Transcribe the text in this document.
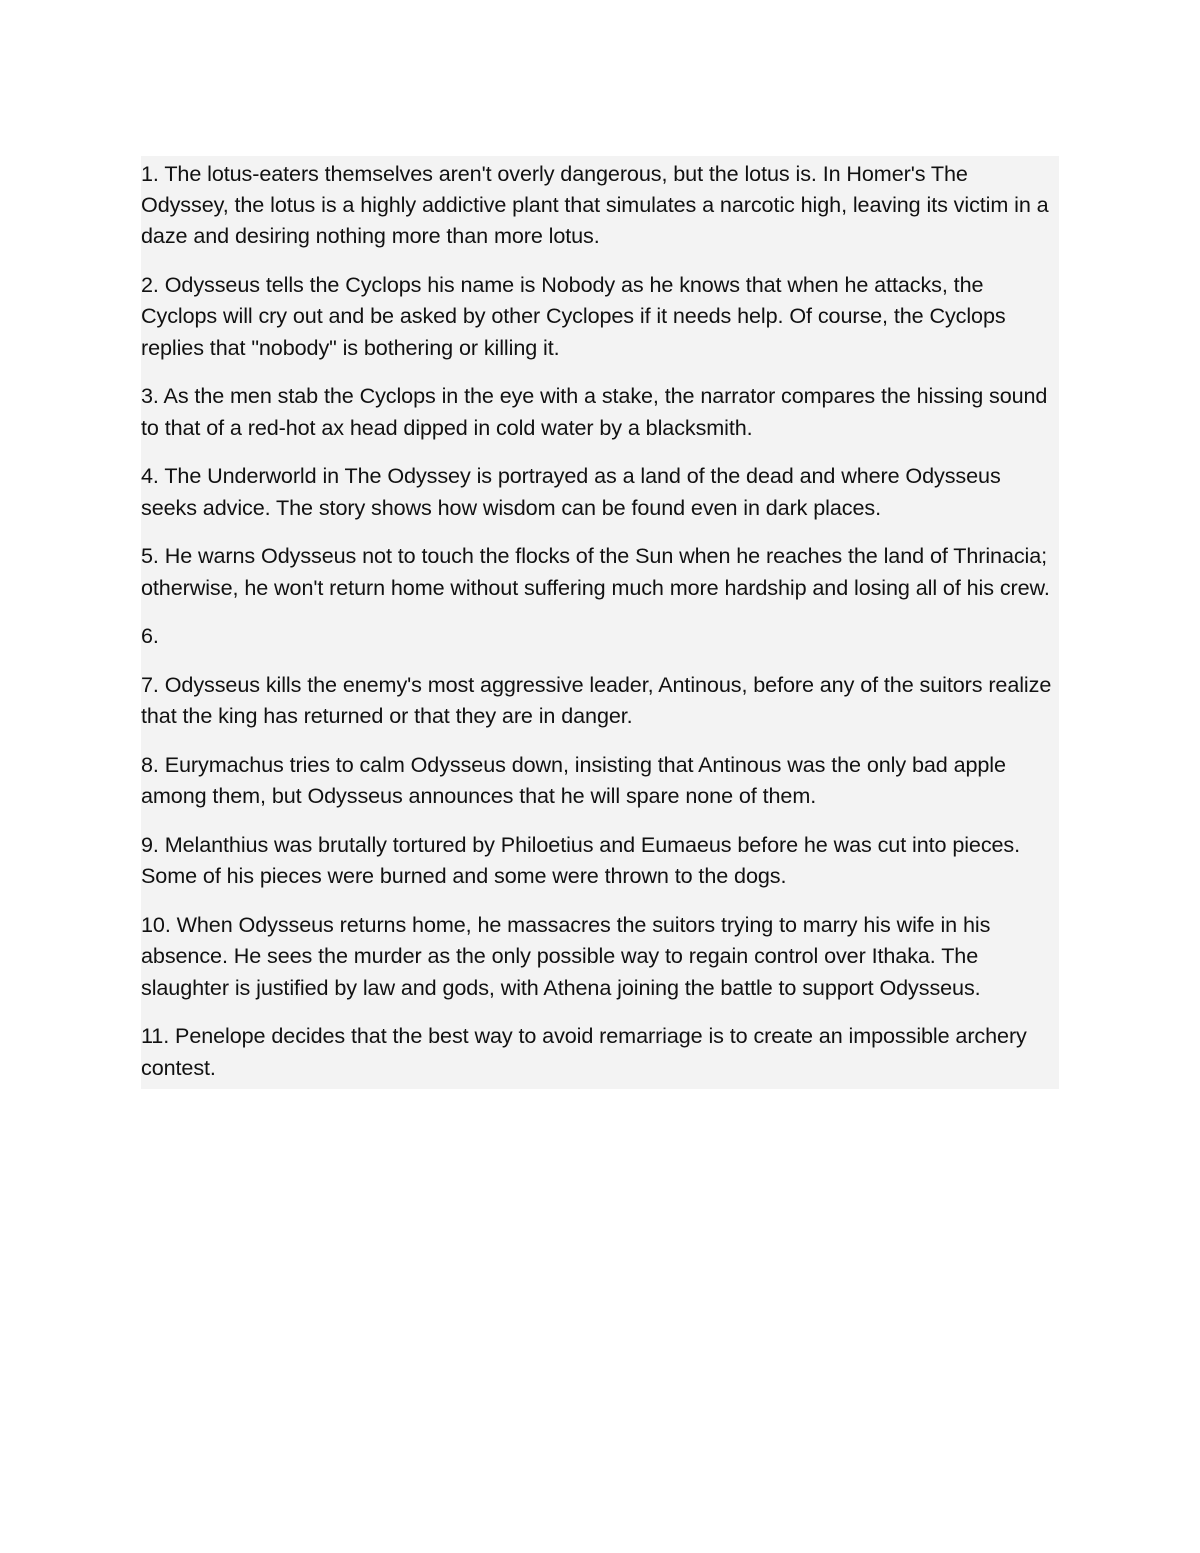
1. The lotus-eaters themselves aren't overly dangerous, but the lotus is. In Homer's The Odyssey, the lotus is a highly addictive plant that simulates a narcotic high, leaving its victim in a daze and desiring nothing more than more lotus.

2. Odysseus tells the Cyclops his name is Nobody as he knows that when he attacks, the Cyclops will cry out and be asked by other Cyclopes if it needs help. Of course, the Cyclops replies that "nobody" is bothering or killing it.

3. As the men stab the Cyclops in the eye with a stake, the narrator compares the hissing sound to that of a red-hot ax head dipped in cold water by a blacksmith.

4. The Underworld in The Odyssey is portrayed as a land of the dead and where Odysseus seeks advice. The story shows how wisdom can be found even in dark places.

5. He warns Odysseus not to touch the flocks of the Sun when he reaches the land of Thrinacia; otherwise, he won't return home without suffering much more hardship and losing all of his crew.

6.

7. Odysseus kills the enemy's most aggressive leader, Antinous, before any of the suitors realize that the king has returned or that they are in danger.

8. Eurymachus tries to calm Odysseus down, insisting that Antinous was the only bad apple among them, but Odysseus announces that he will spare none of them.

9. Melanthius was brutally tortured by Philoetius and Eumaeus before he was cut into pieces. Some of his pieces were burned and some were thrown to the dogs.

10. When Odysseus returns home, he massacres the suitors trying to marry his wife in his absence. He sees the murder as the only possible way to regain control over Ithaka. The slaughter is justified by law and gods, with Athena joining the battle to support Odysseus.

11. Penelope decides that the best way to avoid remarriage is to create an impossible archery contest.
